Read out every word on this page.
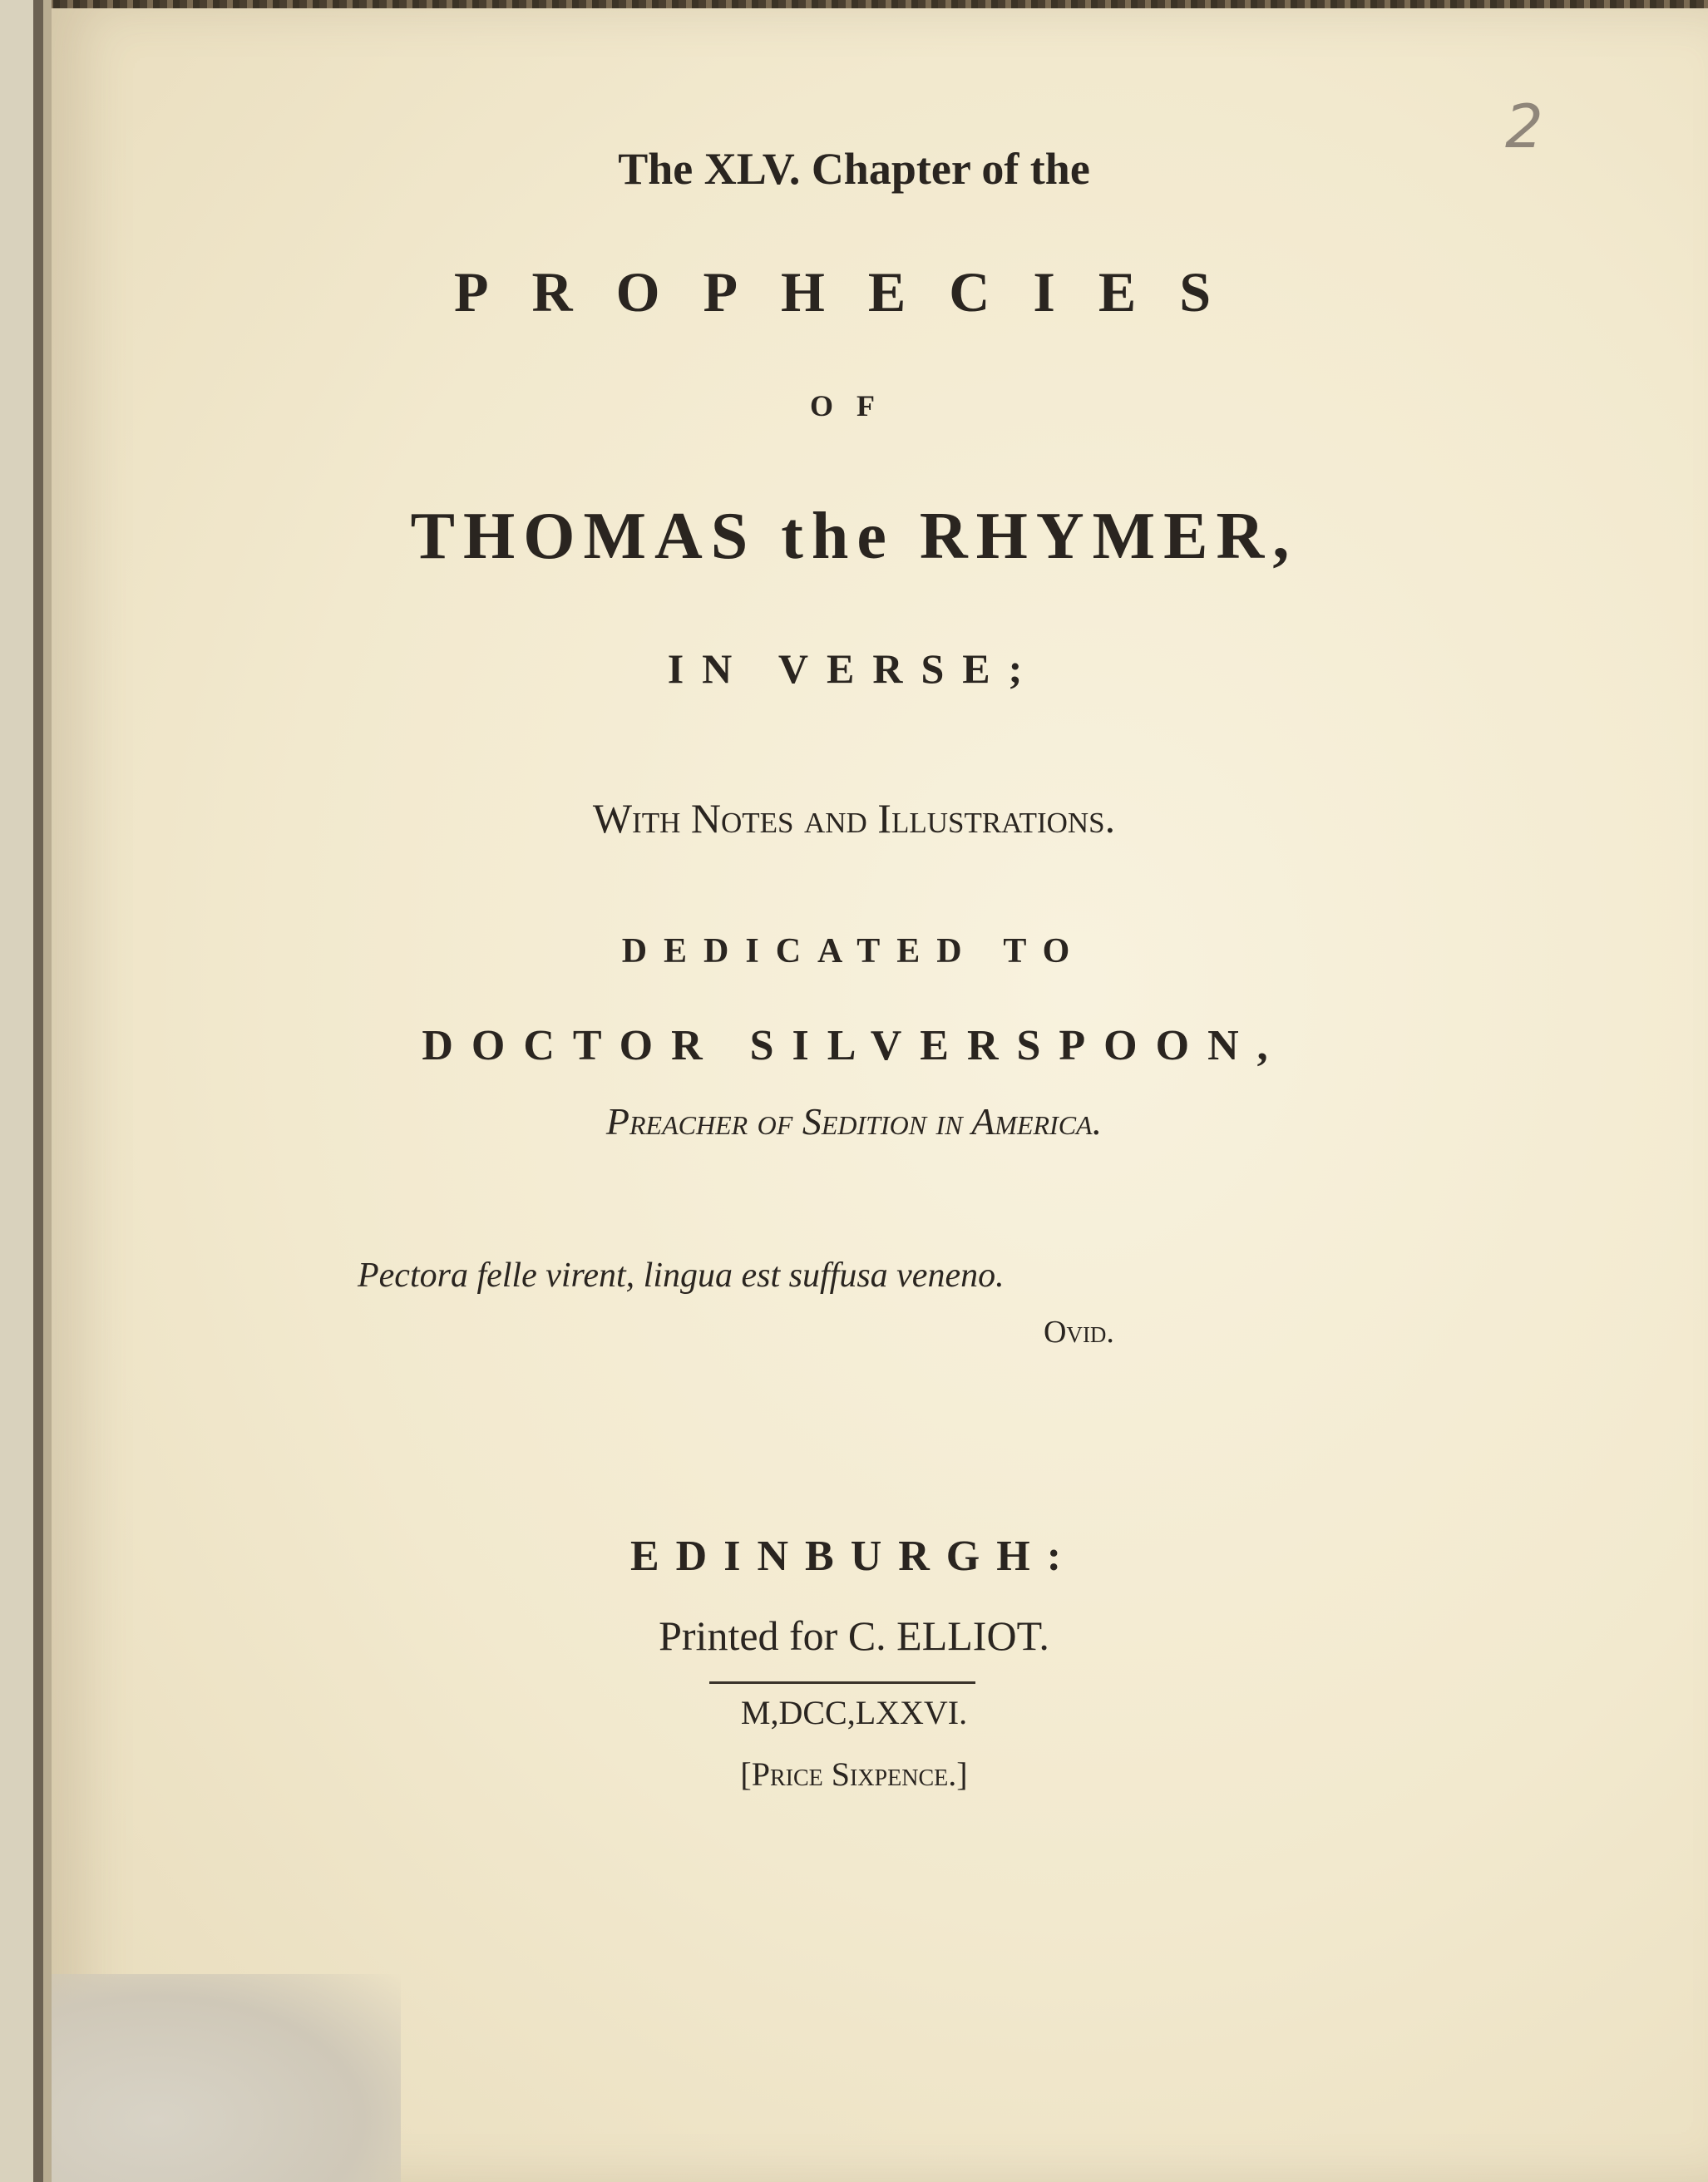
2
The XLV. Chapter of the
PROPHECIES
OF
THOMAS the RHYMER,
IN VERSE;
With Notes and Illustrations.
DEDICATED TO
DOCTOR SILVERSPOON,
Preacher of Sedition in America.
Pectora felle virent, lingua est suffusa veneno.
Ovid.
EDINBURGH:
Printed for C. ELLIOT.
M,DCC,LXXVI.
[Price Sixpence.]
